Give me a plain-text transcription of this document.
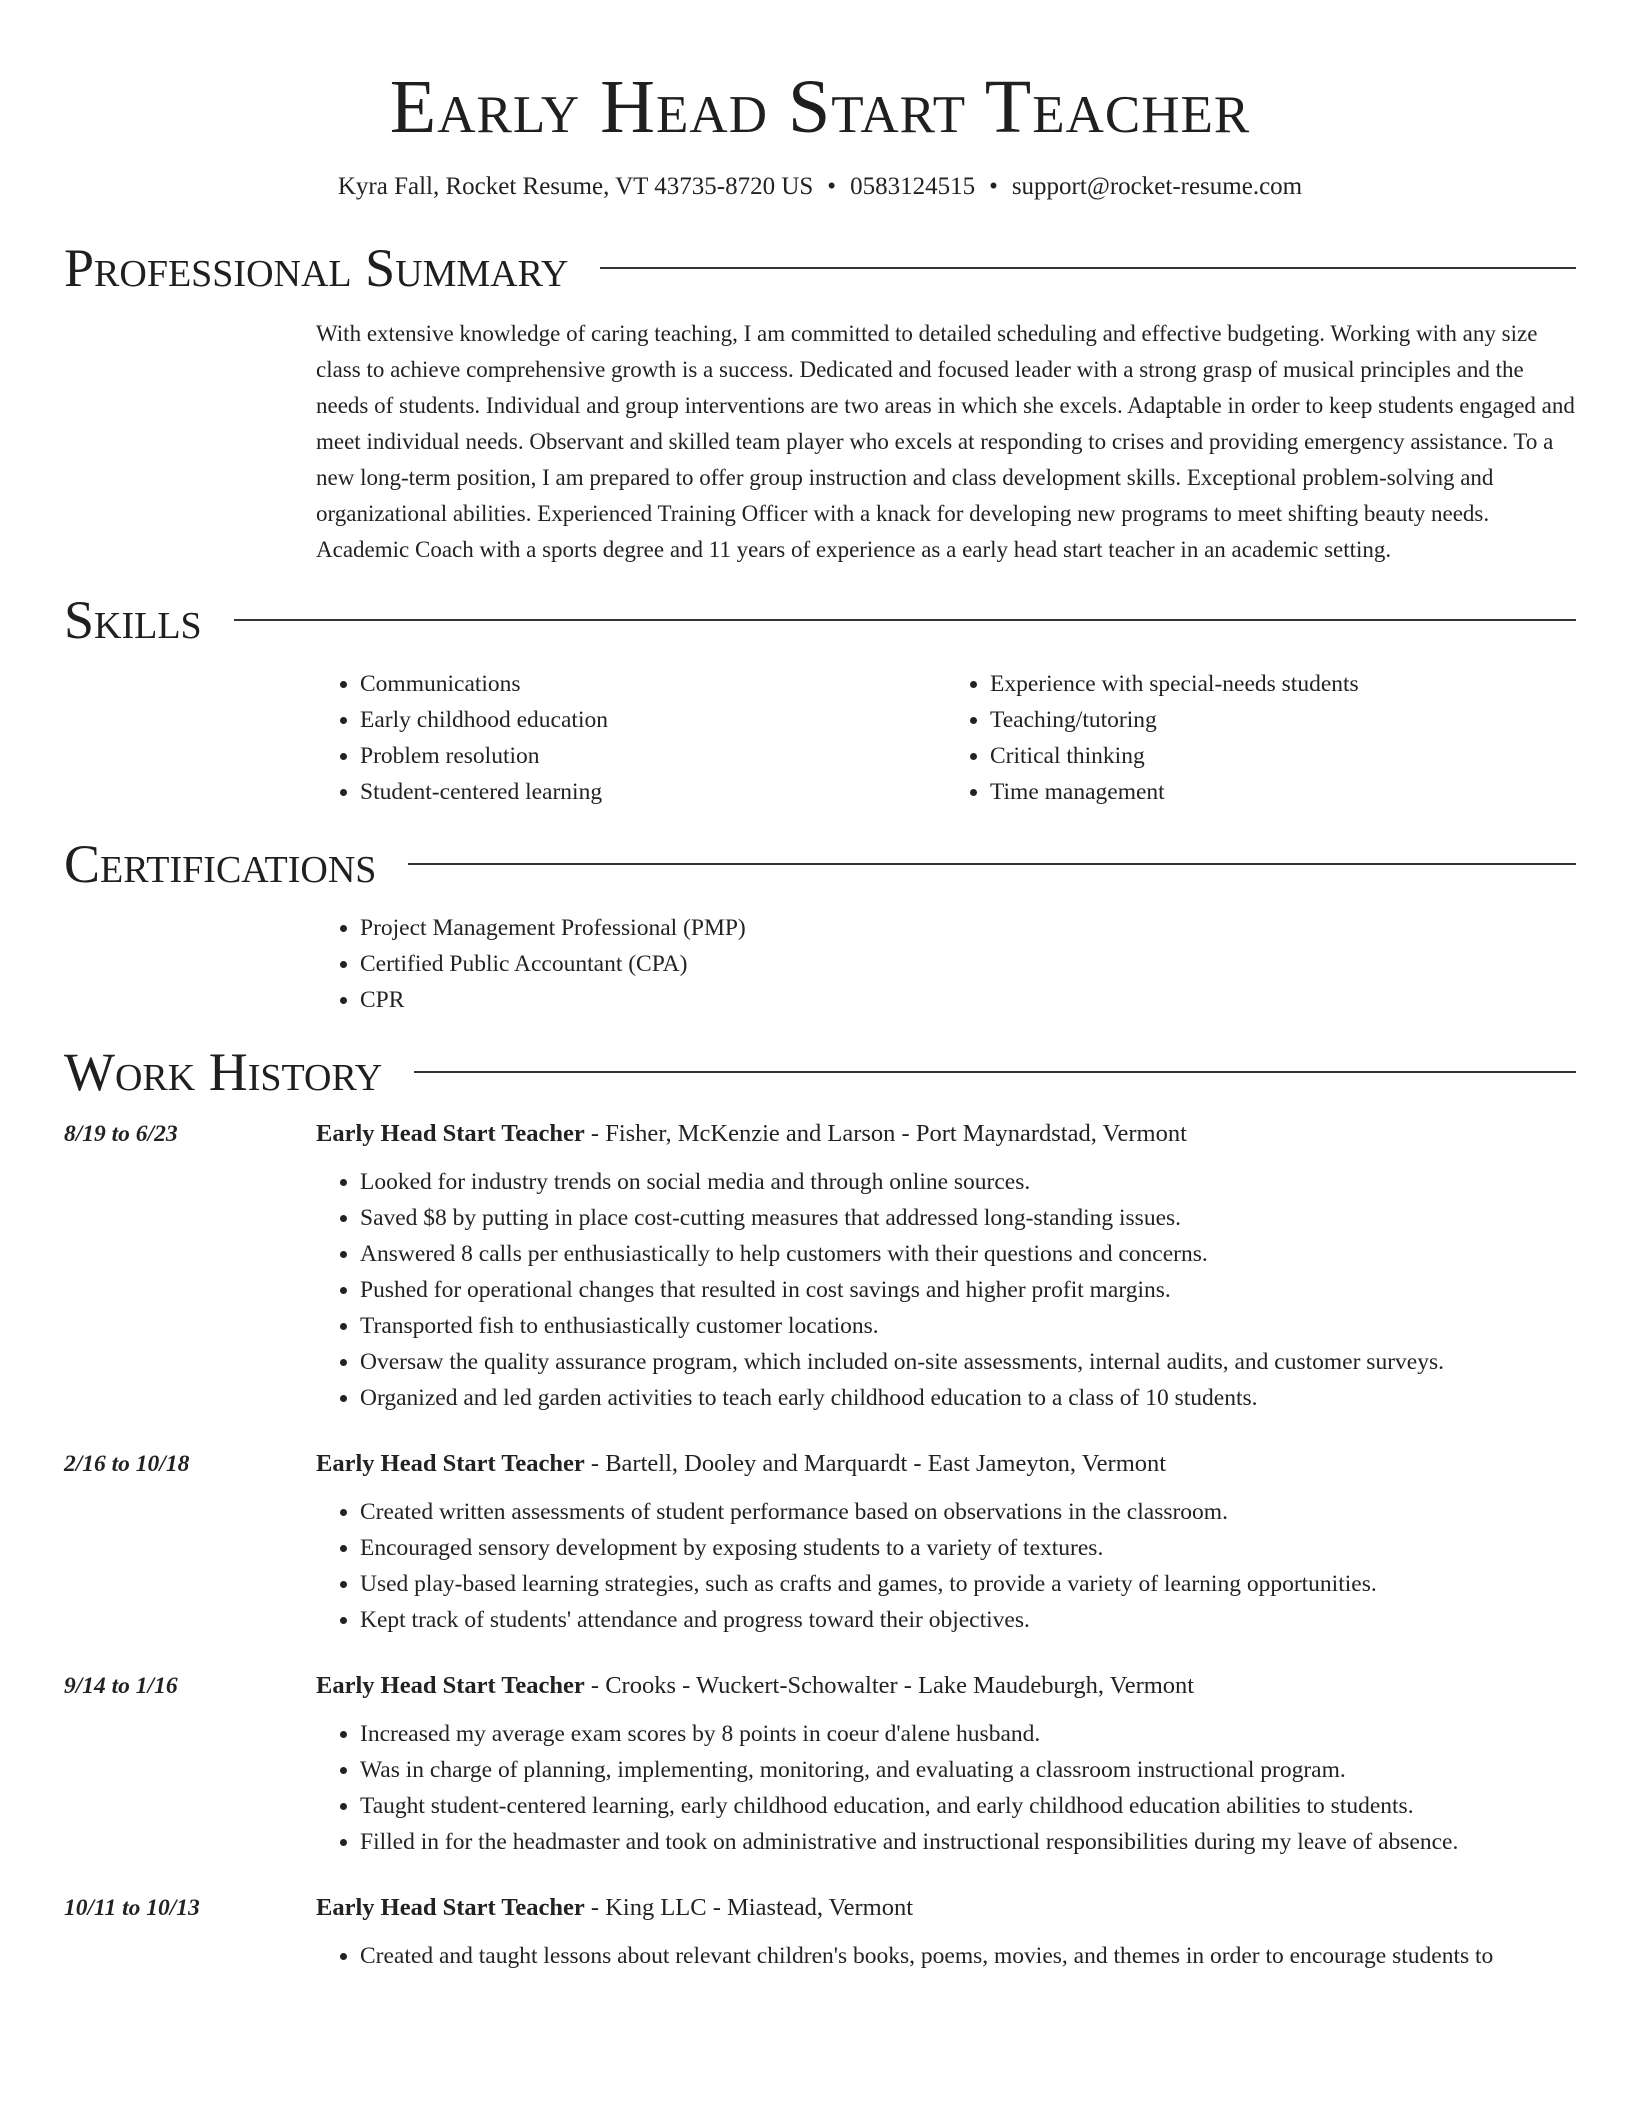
Early Head Start Teacher
Kyra Fall, Rocket Resume, VT 43735-8720 US • 0583124515 • support@rocket-resume.com
Professional Summary

With extensive knowledge of caring teaching, I am committed to detailed scheduling and effective budgeting. Working with any size class to achieve comprehensive growth is a success. Dedicated and focused leader with a strong grasp of musical principles and the needs of students. Individual and group interventions are two areas in which she excels. Adaptable in order to keep students engaged and meet individual needs. Observant and skilled team player who excels at responding to crises and providing emergency assistance. To a new long-term position, I am prepared to offer group instruction and class development skills. Exceptional problem-solving and organizational abilities. Experienced Training Officer with a knack for developing new programs to meet shifting beauty needs. Academic Coach with a sports degree and 11 years of experience as a early head start teacher in an academic setting.

Skills
• Communications
• Early childhood education
• Problem resolution
• Student-centered learning
• Experience with special-needs students
• Teaching/tutoring
• Critical thinking
• Time management
Certifications
• Project Management Professional (PMP)
• Certified Public Accountant (CPA)
• CPR
Work History
8/19 to 6/23	Early Head Start Teacher - Fisher, McKenzie and Larson - Port Maynardstad, Vermont
• Looked for industry trends on social media and through online sources.
• Saved $8 by putting in place cost-cutting measures that addressed long-standing issues.
• Answered 8 calls per enthusiastically to help customers with their questions and concerns.
• Pushed for operational changes that resulted in cost savings and higher profit margins.
• Transported fish to enthusiastically customer locations.
• Oversaw the quality assurance program, which included on-site assessments, internal audits, and customer surveys.
• Organized and led garden activities to teach early childhood education to a class of 10 students.
2/16 to 10/18	Early Head Start Teacher - Bartell, Dooley and Marquardt - East Jameyton, Vermont
• Created written assessments of student performance based on observations in the classroom.
• Encouraged sensory development by exposing students to a variety of textures.
• Used play-based learning strategies, such as crafts and games, to provide a variety of learning opportunities.
• Kept track of students' attendance and progress toward their objectives.
9/14 to 1/16	Early Head Start Teacher - Crooks - Wuckert-Schowalter - Lake Maudeburgh, Vermont
• Increased my average exam scores by 8 points in coeur d'alene husband.
• Was in charge of planning, implementing, monitoring, and evaluating a classroom instructional program.
• Taught student-centered learning, early childhood education, and early childhood education abilities to students.
• Filled in for the headmaster and took on administrative and instructional responsibilities during my leave of absence.
10/11 to 10/13	Early Head Start Teacher - King LLC - Miastead, Vermont
• Created and taught lessons about relevant children's books, poems, movies, and themes in order to encourage students to
